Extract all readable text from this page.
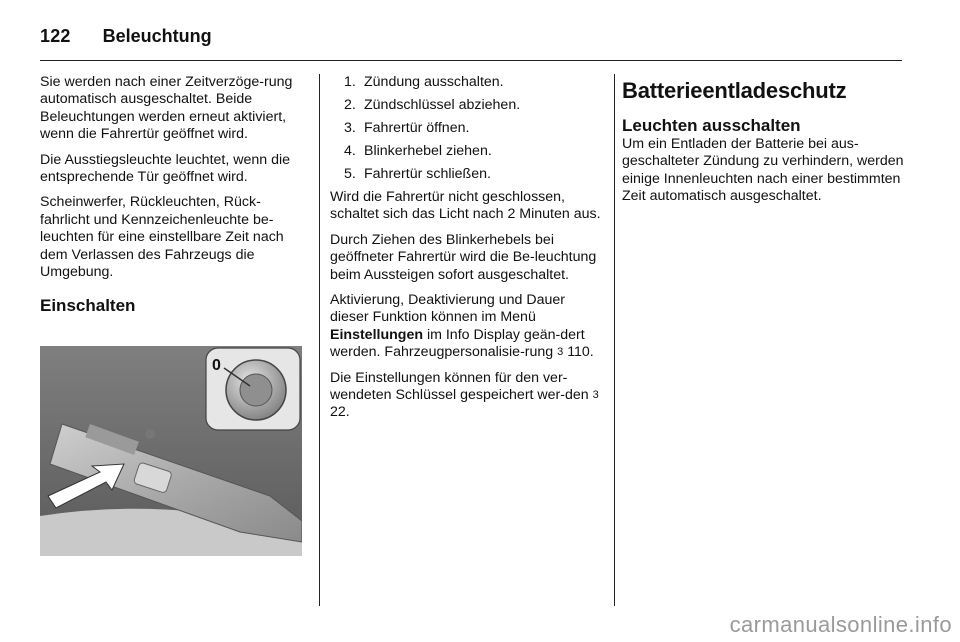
122 Beleuchtung

Sie werden nach einer Zeitverzöge-rung automatisch ausgeschaltet. Beide Beleuchtungen werden erneut aktiviert, wenn die Fahrertür geöffnet wird.

Die Ausstiegsleuchte leuchtet, wenn die entsprechende Tür geöffnet wird.

Scheinwerfer, Rückleuchten, Rück-fahrlicht und Kennzeichenleuchte be-leuchten für eine einstellbare Zeit nach dem Verlassen des Fahrzeugs die Umgebung.

Einschalten
0
1. Zündung ausschalten.
2. Zündschlüssel abziehen.
3. Fahrertür öffnen.
4. Blinkerhebel ziehen.
5. Fahrertür schließen.

Wird die Fahrertür nicht geschlossen, schaltet sich das Licht nach 2 Minuten aus.

Durch Ziehen des Blinkerhebels bei geöffneter Fahrertür wird die Be-leuchtung beim Aussteigen sofort ausgeschaltet.

Aktivierung, Deaktivierung und Dauer dieser Funktion können im Menü Einstellungen im Info Display geän-dert werden. Fahrzeugpersonalisie-rung 3 110.

Die Einstellungen können für den ver-wendeten Schlüssel gespeichert wer-den 3 22.

Batterieentladeschutz
Leuchten ausschalten

Um ein Entladen der Batterie bei aus-geschalteter Zündung zu verhindern, werden einige Innenleuchten nach einer bestimmten Zeit automatisch ausgeschaltet.

carmanualsonline.info
